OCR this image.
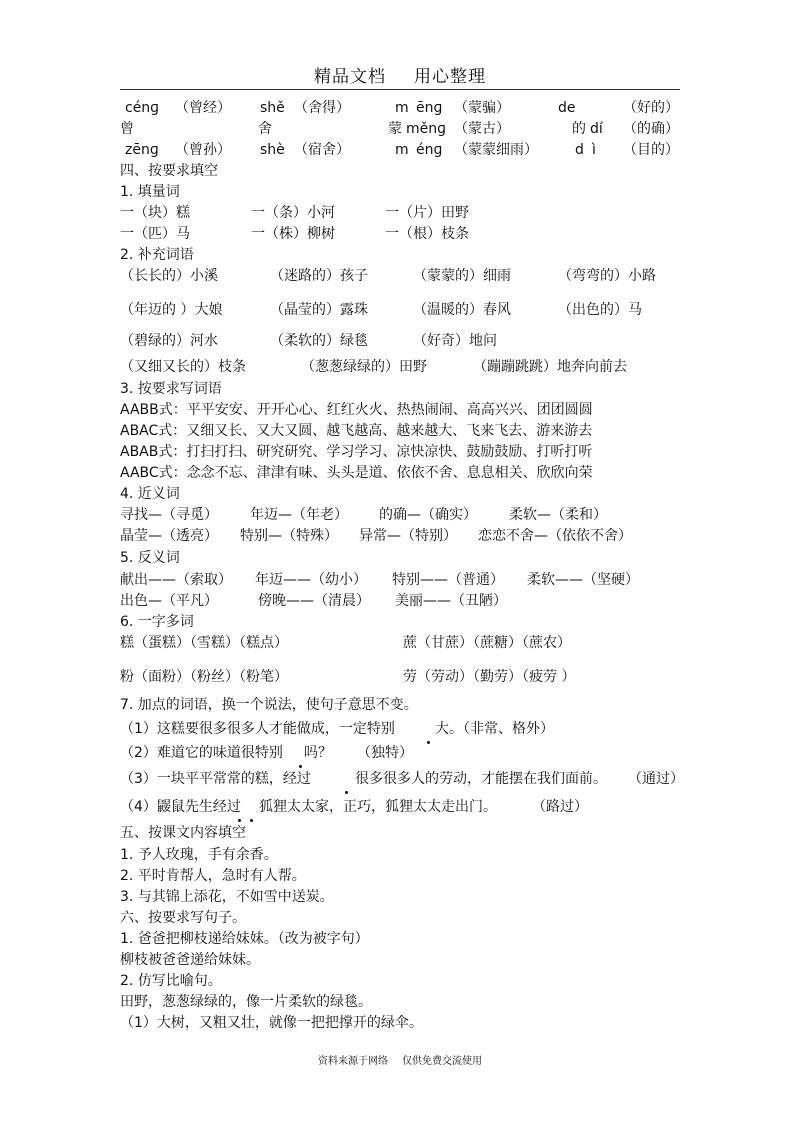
精品文档 用心整理
cénɡ （曾经） shě （舍得）	m ēnɡ （蒙骗）	de	（好的）
曾	舍	蒙 měnɡ （蒙古）	的 dí （的确）
zēnɡ （曾孙） shè （宿舍）	m énɡ （蒙蒙细雨）	d ì （目的）
四、按要求填空
1. 填量词
一（块）糕	一（条）小河	一（片）田野
一（匹）马	一（株）柳树	一（根）枝条
2. 补充词语
（长长的）小溪	（迷路的）孩子	（蒙蒙的）细雨	（弯弯的）小路
（年迈的 ）大娘	（晶莹的）露珠	（温暖的）春风	（出色的）马
（碧绿的）河水	（柔软的）绿毯	（好奇）地问
（又细又长的）枝条	（葱葱绿绿的）田野	（蹦蹦跳跳）地奔向前去
3. 按要求写词语
AABB式：平平安安、开开心心、红红火火、热热闹闹、高高兴兴、团团圆圆
ABAC式：又细又长、又大又圆、越飞越高、越来越大、飞来飞去、游来游去
ABAB式：打扫打扫、研究研究、学习学习、凉快凉快、鼓励鼓励、打听打听
AABC式：念念不忘、津津有味、头头是道、依依不舍、息息相关、欣欣向荣
4. 近义词
寻找—（寻觅） 年迈—（年老） 的确—（确实） 柔软—（柔和）
晶莹—（透亮） 特别—（特殊） 异常—（特别） 恋恋不舍—（依依不舍）
5. 反义词
献出——（索取） 年迈——（幼小） 特别——（普通） 柔软——（坚硬）
出色—（平凡）	傍晚——（清晨） 美丽——（丑陋）
6. 一字多词
糕（蛋糕）（雪糕）（糕点）	蔗（甘蔗）（蔗糖）（蔗农）
粉（面粉）（粉丝）（粉笔）	劳（劳动）（勤劳）（疲劳 ）
7. 加点的词语，换一个说法，使句子意思不变。
（1）这糕要很多很多人才能做成，一定特别	大。（非常、格外）
（2）难道它的味道很特别 吗？ （独特）
（3）一块平平常常的糕，经过	很多很多人的劳动，才能摆在我们面前。 （通过）
（4）鼹鼠先生经过 狐狸太太家，正巧，狐狸太太走出门。	（路过）
五、按课文内容填空
1. 予人玫瑰，手有余香。
2. 平时肯帮人，急时有人帮。
3. 与其锦上添花，不如雪中送炭。
六、按要求写句子。
1. 爸爸把柳枝递给妹妹。（改为被字句）
柳枝被爸爸递给妹妹。
2. 仿写比喻句。
田野，葱葱绿绿的，像一片柔软的绿毯。
（1）大树，又粗又壮，就像一把把撑开的绿伞。
资料来源于网络 仅供免费交流使用
